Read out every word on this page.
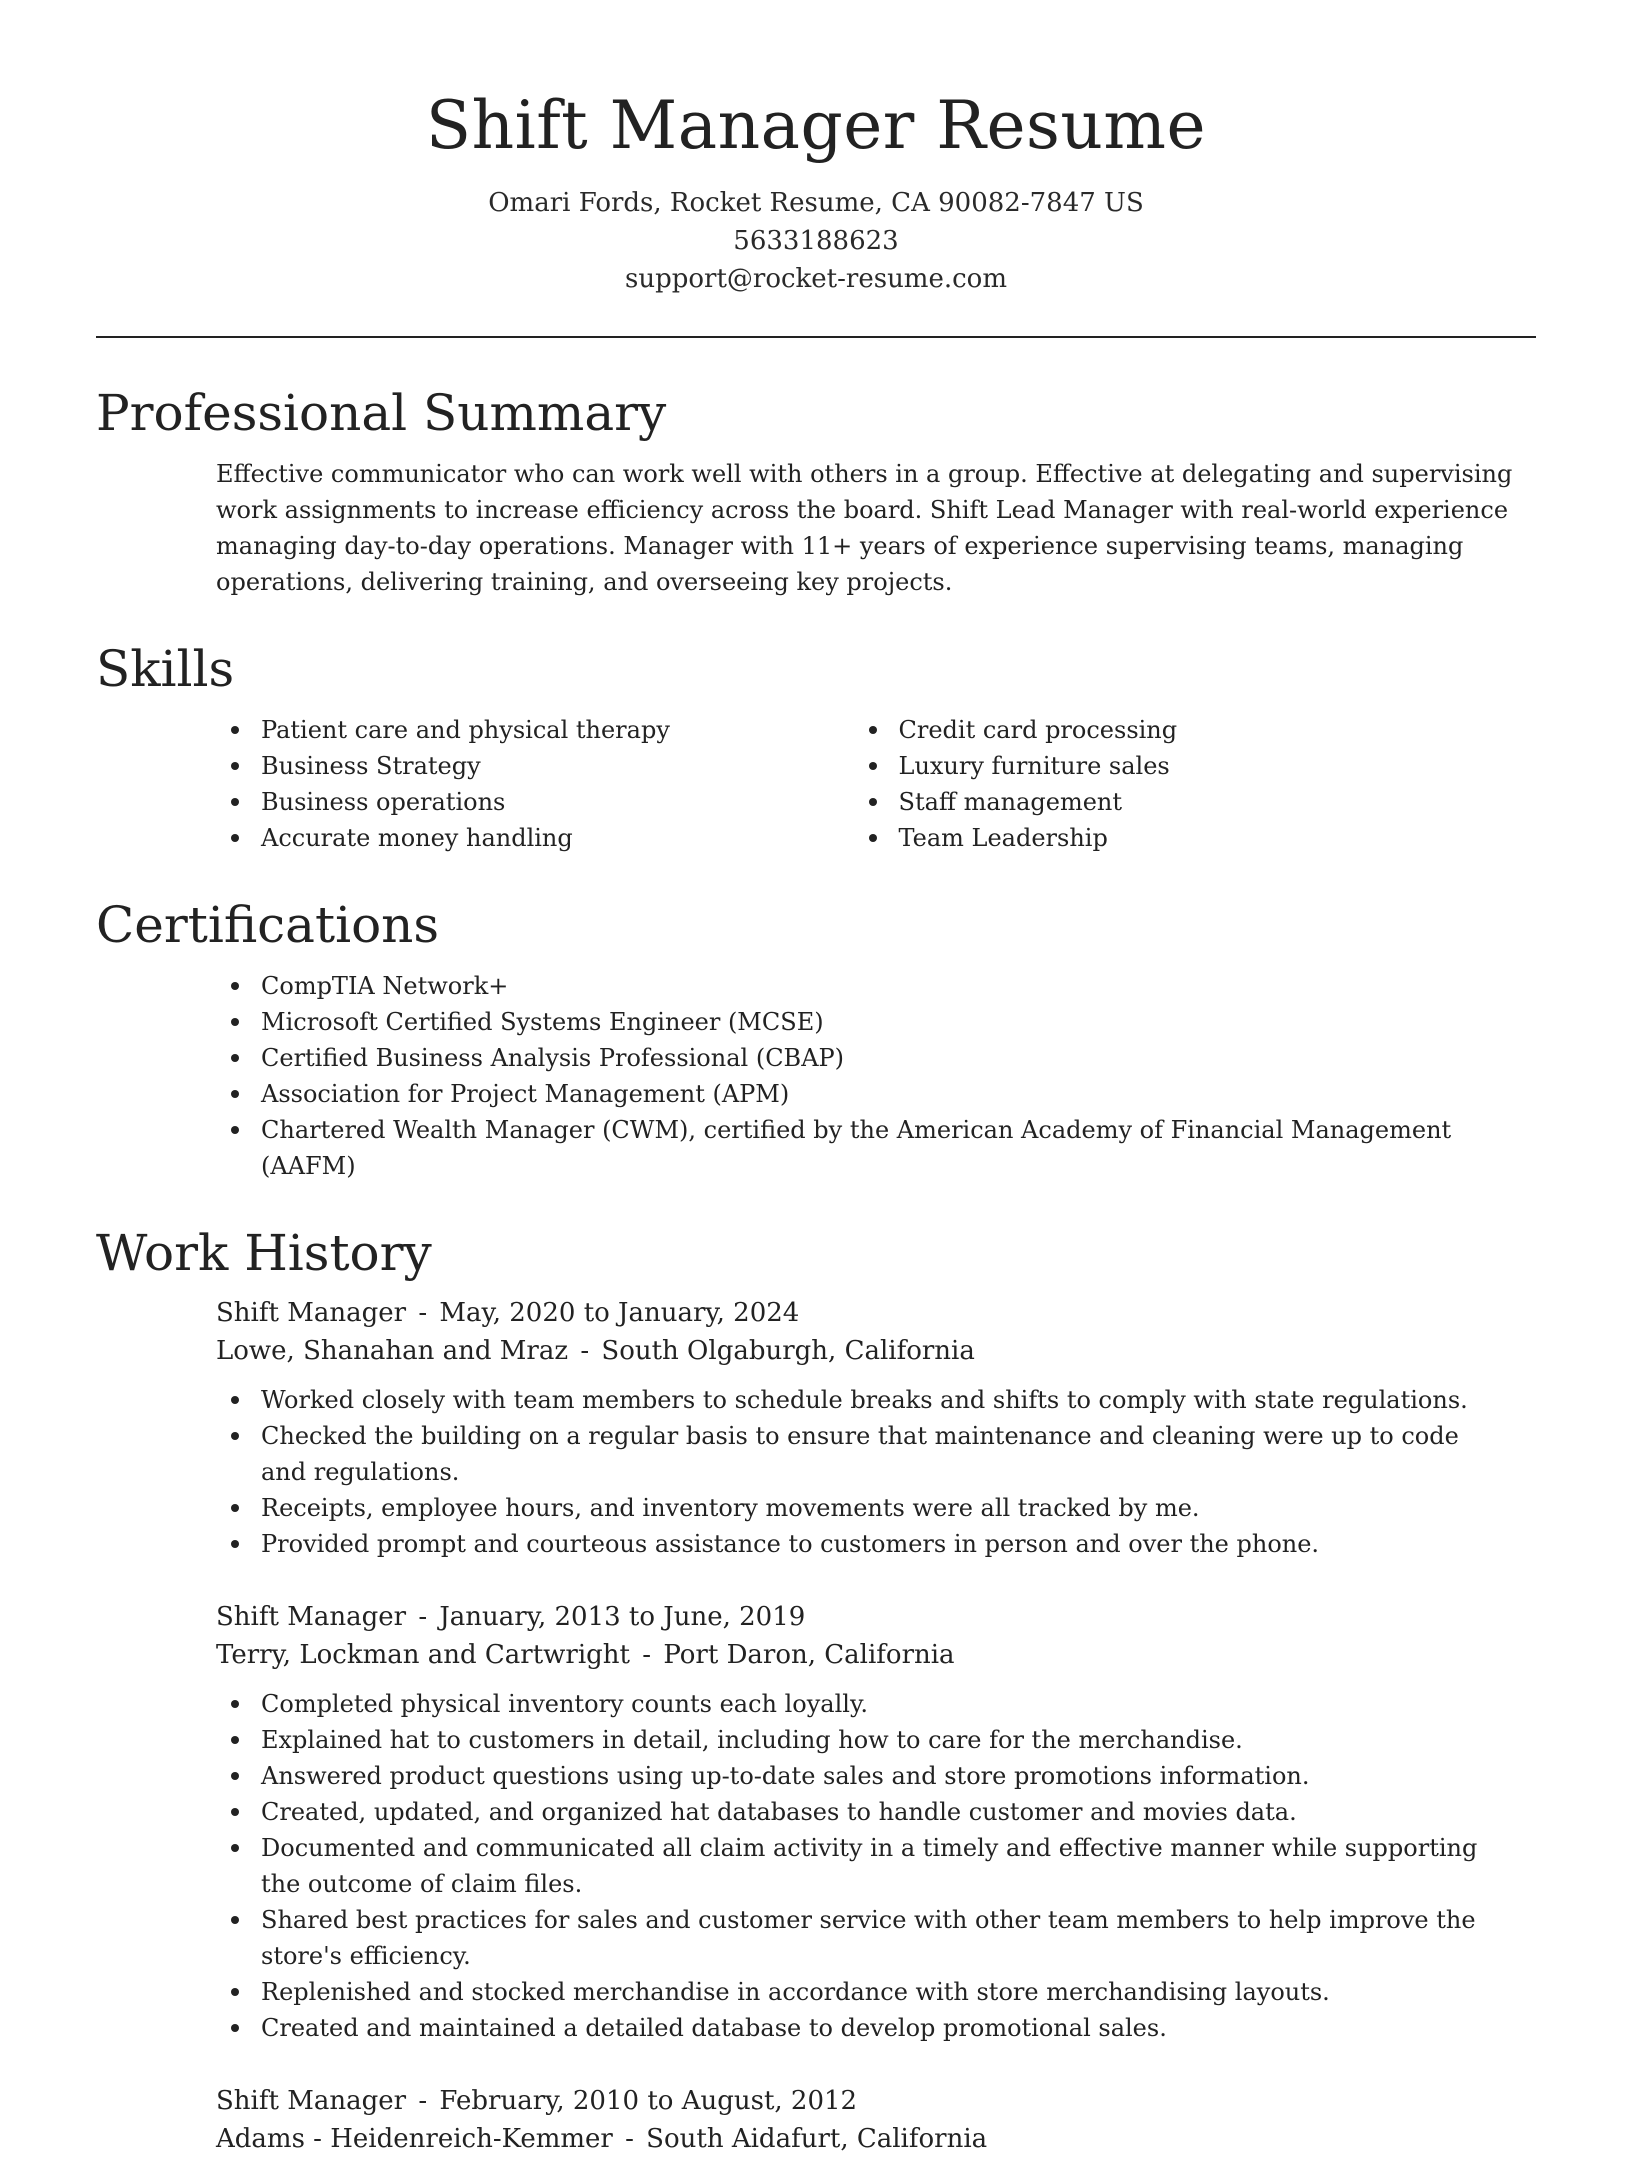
Shift Manager Resume
Omari Fords, Rocket Resume, CA 90082-7847 US
5633188623
support@rocket-resume.com
Professional Summary

Effective communicator who can work well with others in a group. Effective at delegating and supervising work assignments to increase efficiency across the board. Shift Lead Manager with real-world experience managing day-to-day operations. Manager with 11+ years of experience supervising teams, managing operations, delivering training, and overseeing key projects.

Skills
Patient care and physical therapy
Business Strategy
Business operations
Accurate money handling
Credit card processing
Luxury furniture sales
Staff management
Team Leadership
Certifications
CompTIA Network+
Microsoft Certified Systems Engineer (MCSE)
Certified Business Analysis Professional (CBAP)
Association for Project Management (APM)
Chartered Wealth Manager (CWM), certified by the American Academy of Financial Management (AAFM)
Work History
Shift Manager - May, 2020 to January, 2024
Lowe, Shanahan and Mraz - South Olgaburgh, California
Worked closely with team members to schedule breaks and shifts to comply with state regulations.
Checked the building on a regular basis to ensure that maintenance and cleaning were up to code and regulations.
Receipts, employee hours, and inventory movements were all tracked by me.
Provided prompt and courteous assistance to customers in person and over the phone.
Shift Manager - January, 2013 to June, 2019
Terry, Lockman and Cartwright - Port Daron, California
Completed physical inventory counts each loyally.
Explained hat to customers in detail, including how to care for the merchandise.
Answered product questions using up-to-date sales and store promotions information.
Created, updated, and organized hat databases to handle customer and movies data.
Documented and communicated all claim activity in a timely and effective manner while supporting the outcome of claim files.
Shared best practices for sales and customer service with other team members to help improve the store's efficiency.
Replenished and stocked merchandise in accordance with store merchandising layouts.
Created and maintained a detailed database to develop promotional sales.
Shift Manager - February, 2010 to August, 2012
Adams - Heidenreich-Kemmer - South Aidafurt, California
